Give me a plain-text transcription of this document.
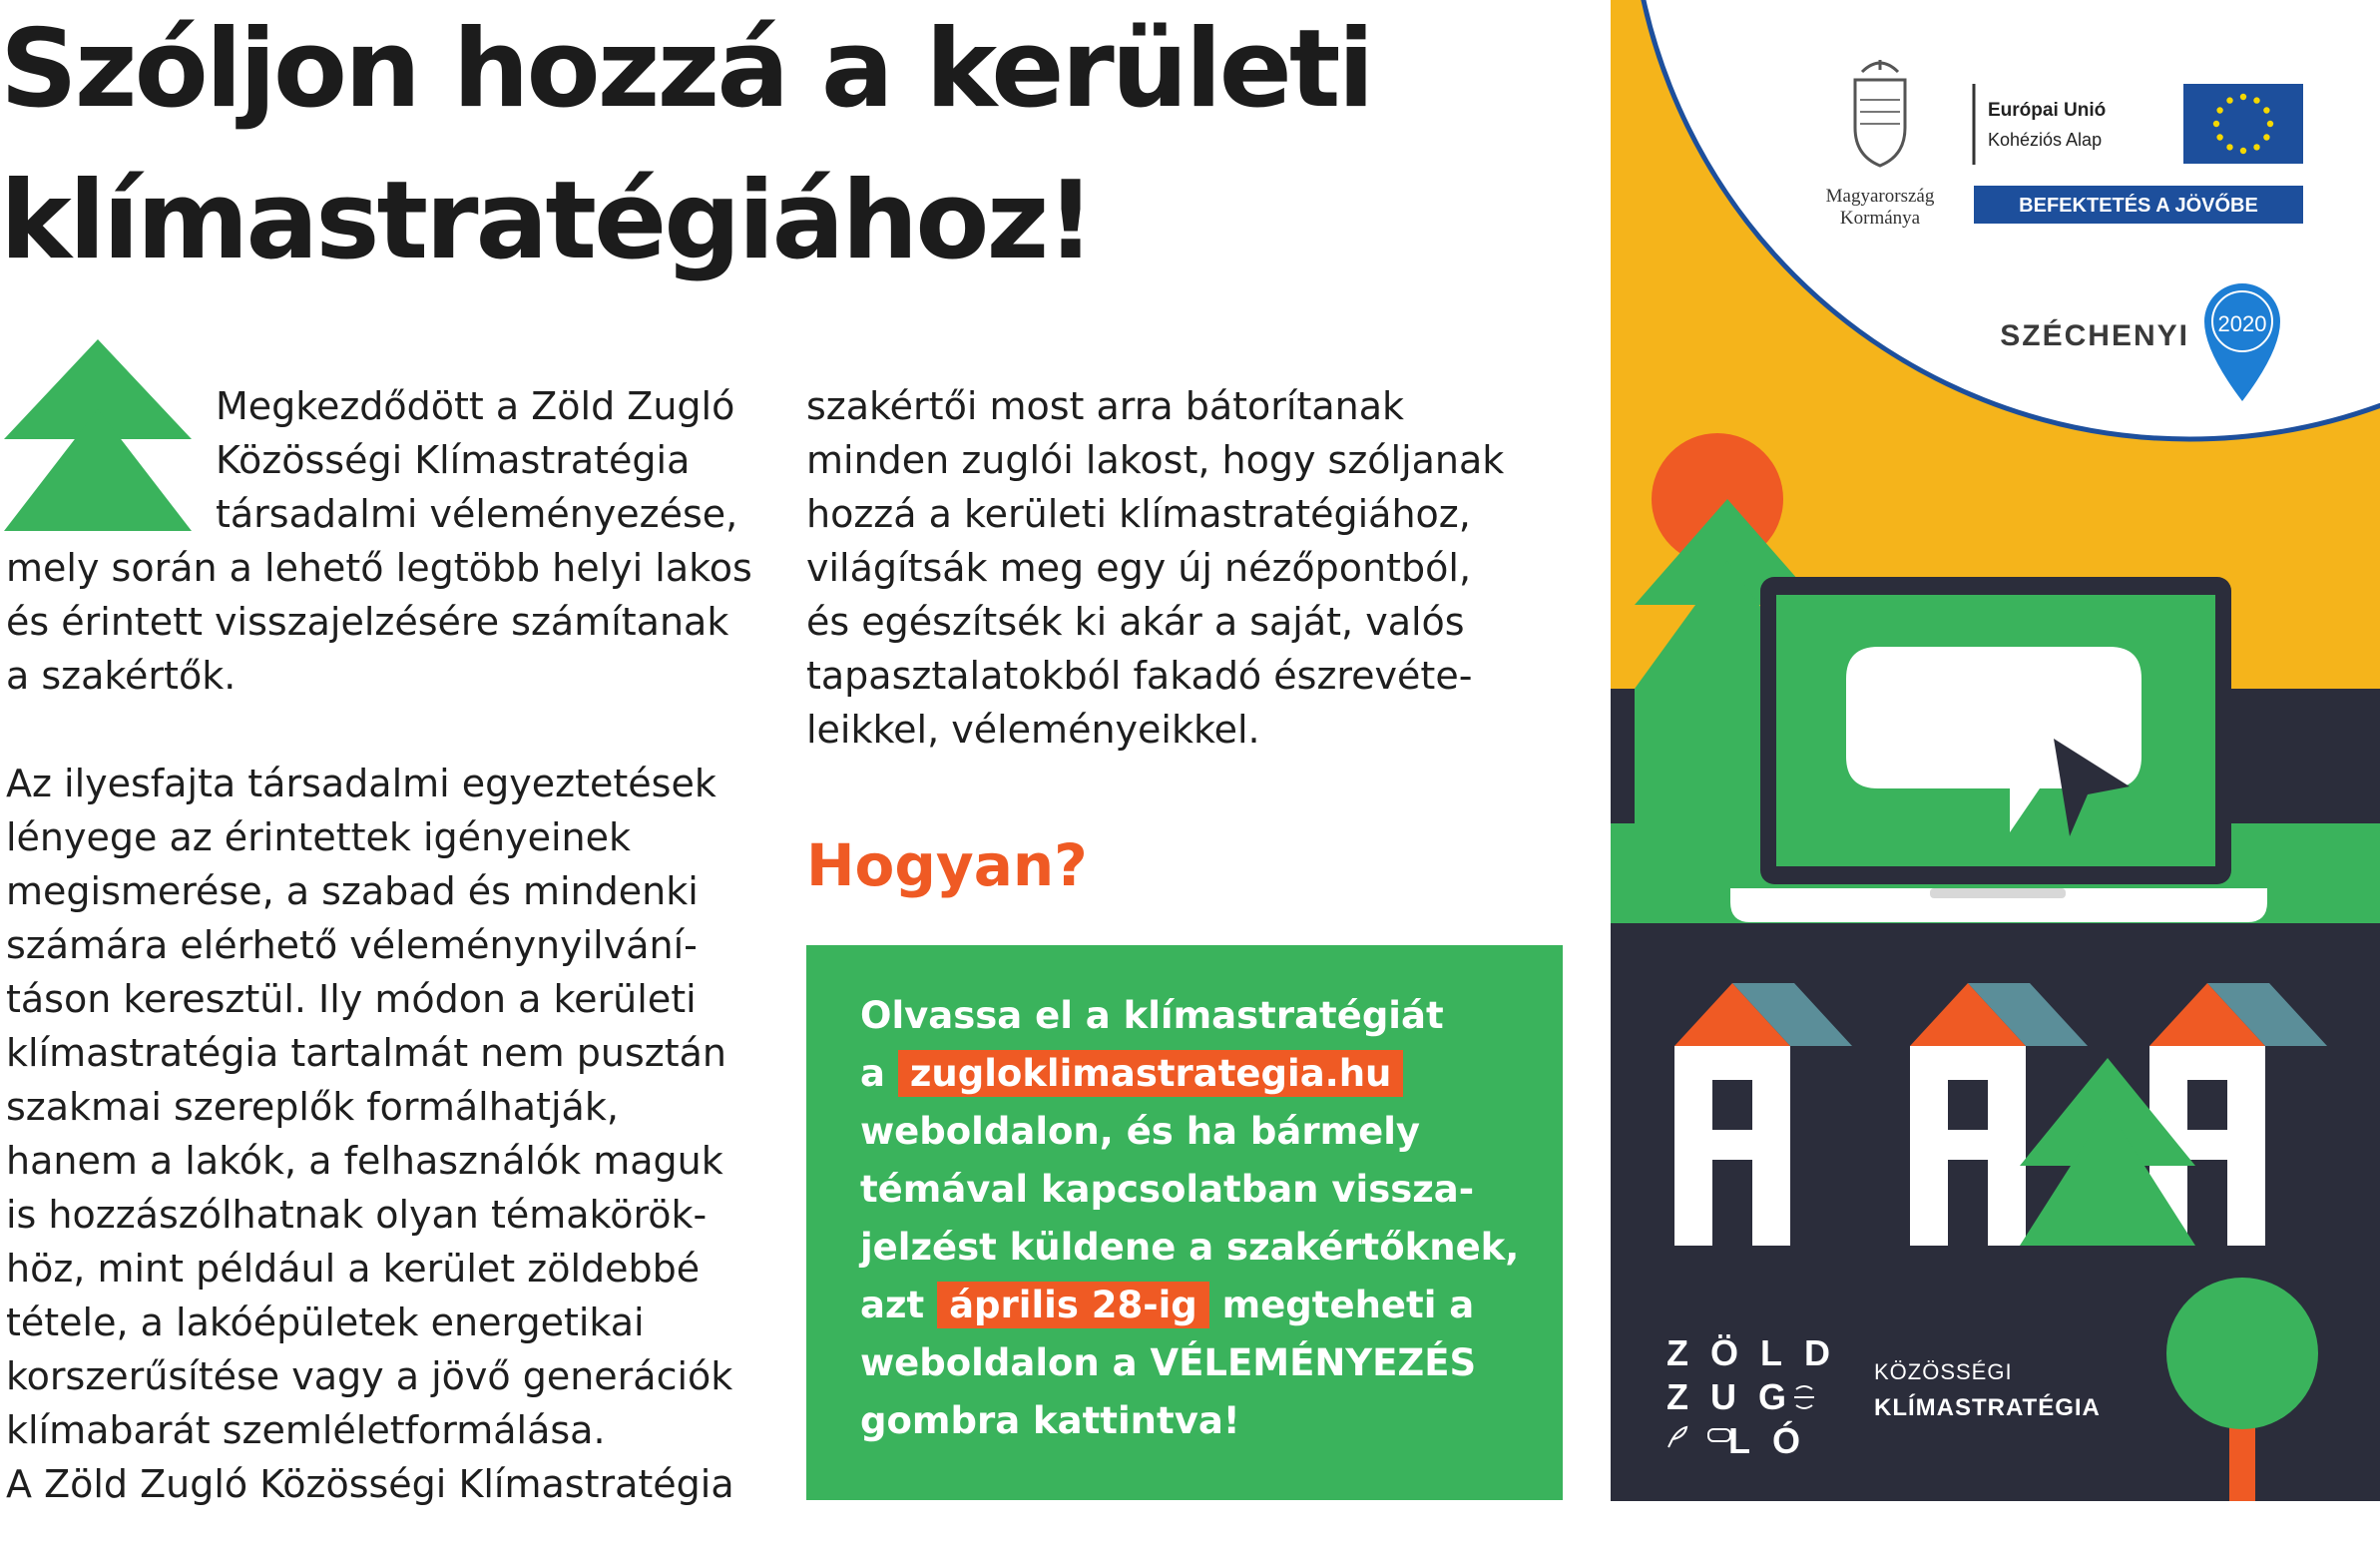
Szóljon hozzá a kerületi
klímastratégiához!

Megkezdődött a Zöld Zugló

Közösségi Klímastratégia

társadalmi véleményezése,

mely során a lehető legtöbb helyi lakos

és érintett visszajelzésére számítanak

a szakértők.

Az ilyesfajta társadalmi egyeztetések

lényege az érintettek igényeinek

megismerése, a szabad és mindenki

számára elérhető véleménynyilvání-

táson keresztül. Ily módon a kerületi

klímastratégia tartalmát nem pusztán

szakmai szereplők formálhatják,

hanem a lakók, a felhasználók maguk

is hozzászólhatnak olyan témakörök-

höz, mint például a kerület zöldebbé

tétele, a lakóépületek energetikai

korszerűsítése vagy a jövő generációk

klímabarát szemléletformálása.

A Zöld Zugló Közösségi Klímastratégia

szakértői most arra bátorítanak

minden zuglói lakost, hogy szóljanak

hozzá a kerületi klímastratégiához,

világítsák meg egy új nézőpontból,

és egészítsék ki akár a saját, valós

tapasztalatokból fakadó észrevéte-

leikkel, véleményeikkel.

Hogyan?
Olvassa el a klímastratégiát
a zugloklimastrategia.hu
weboldalon, és ha bármely
témával kapcsolatban vissza-
jelzést küldene a szakértőknek,
azt április 28-ig megteheti a
weboldalon a VÉLEMÉNYEZÉS
gombra kattintva!
Magyarország
Kormánya
Európai Unió
Kohéziós Alap
BEFEKTETÉS A JÖVŐBE
SZÉCHENYI 2020
ZÖLD
ZUG
LÓ
KÖZÖSSÉGI
KLÍMASTRATÉGIA
